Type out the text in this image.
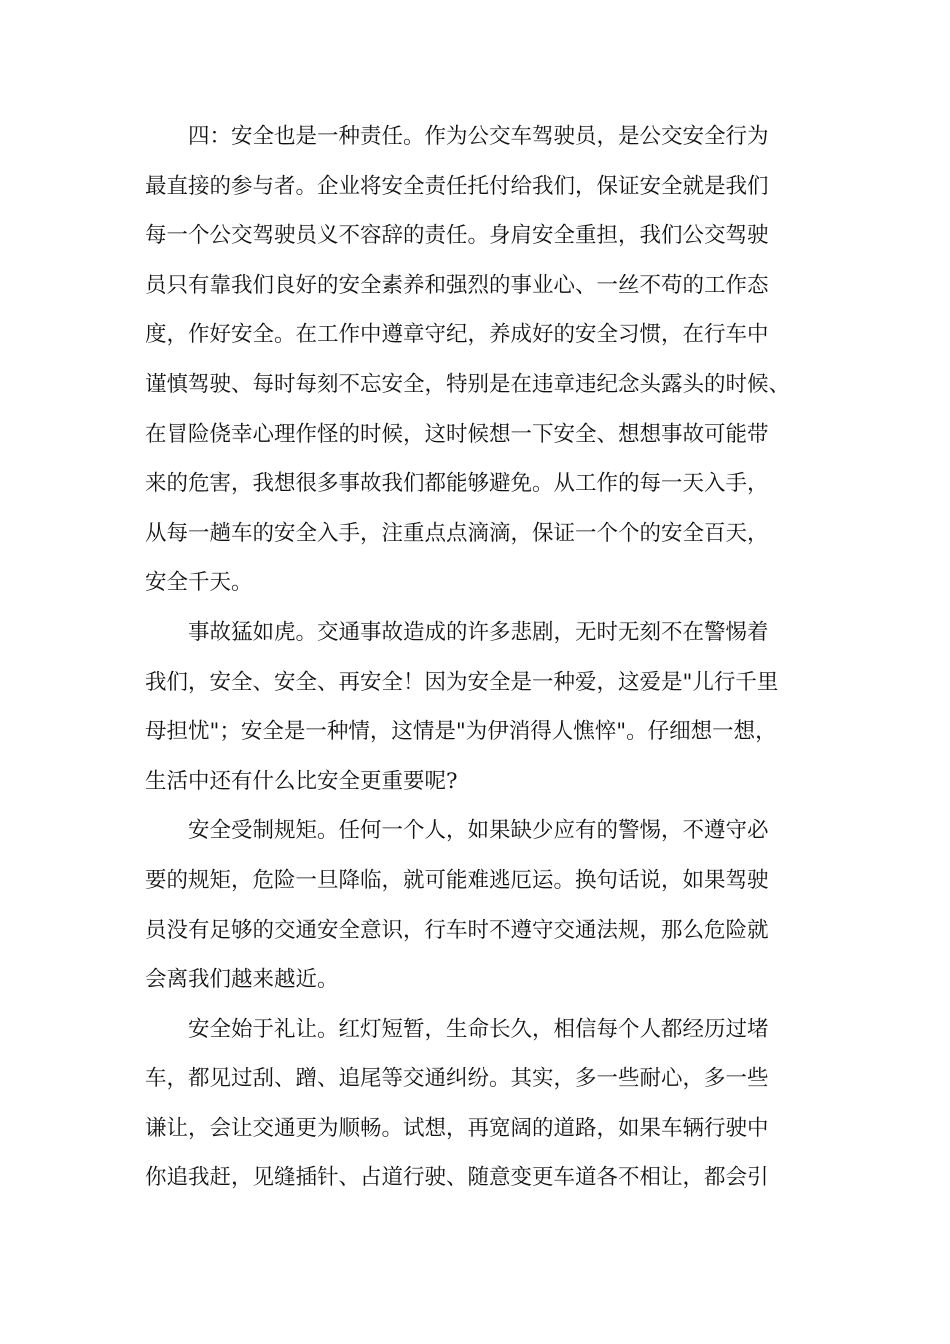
四：安全也是一种责任。作为公交车驾驶员，是公交安全行为
最直接的参与者。企业将安全责任托付给我们，保证安全就是我们
每一个公交驾驶员义不容辞的责任。身肩安全重担，我们公交驾驶
员只有靠我们良好的安全素养和强烈的事业心、一丝不苟的工作态
度，作好安全。在工作中遵章守纪，养成好的安全习惯，在行车中
谨慎驾驶、每时每刻不忘安全，特别是在违章违纪念头露头的时候、
在冒险侥幸心理作怪的时候，这时候想一下安全、想想事故可能带
来的危害，我想很多事故我们都能够避免。从工作的每一天入手，
从每一趟车的安全入手，注重点点滴滴，保证一个个的安全百天，
安全千天。
事故猛如虎。交通事故造成的许多悲剧，无时无刻不在警惕着
我们，安全、安全、再安全！因为安全是一种爱，这爱是"儿行千里
母担忧"；安全是一种情，这情是"为伊消得人憔悴"。仔细想一想，
生活中还有什么比安全更重要呢?
安全受制规矩。任何一个人，如果缺少应有的警惕，不遵守必
要的规矩，危险一旦降临，就可能难逃厄运。换句话说，如果驾驶
员没有足够的交通安全意识，行车时不遵守交通法规，那么危险就
会离我们越来越近。
安全始于礼让。红灯短暂，生命长久，相信每个人都经历过堵
车，都见过刮、蹭、追尾等交通纠纷。其实，多一些耐心，多一些
谦让，会让交通更为顺畅。试想，再宽阔的道路，如果车辆行驶中
你追我赶，见缝插针、占道行驶、随意变更车道各不相让，都会引
